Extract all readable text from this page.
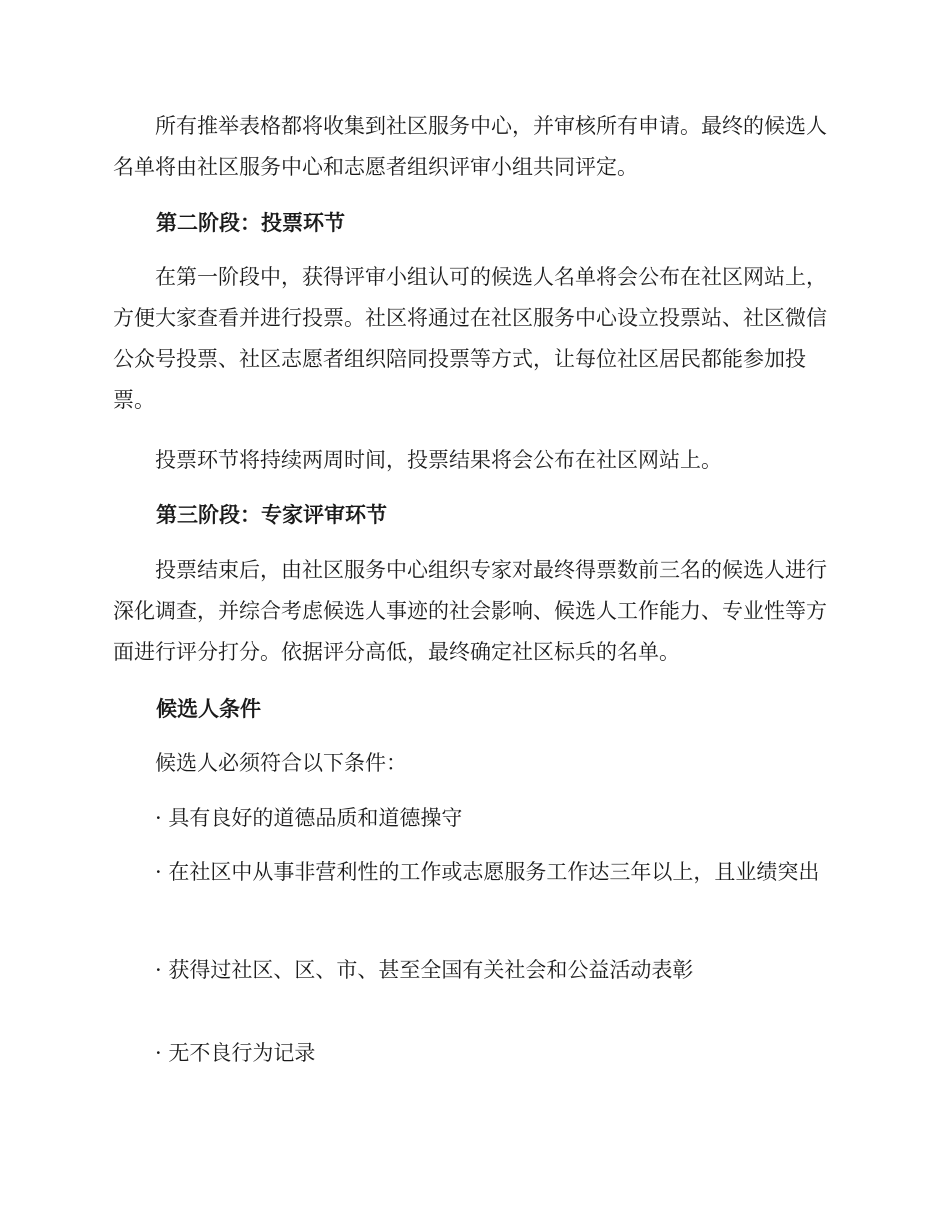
所有推举表格都将收集到社区服务中心，并审核所有申请。最终的候选人名单将由社区服务中心和志愿者组织评审小组共同评定。

第二阶段：投票环节

在第一阶段中，获得评审小组认可的候选人名单将会公布在社区网站上，方便大家查看并进行投票。社区将通过在社区服务中心设立投票站、社区微信公众号投票、社区志愿者组织陪同投票等方式，让每位社区居民都能参加投票。

投票环节将持续两周时间，投票结果将会公布在社区网站上。

第三阶段：专家评审环节

投票结束后，由社区服务中心组织专家对最终得票数前三名的候选人进行深化调查，并综合考虑候选人事迹的社会影响、候选人工作能力、专业性等方面进行评分打分。依据评分高低，最终确定社区标兵的名单。

候选人条件

候选人必须符合以下条件：

· 具有良好的道德品质和道德操守

· 在社区中从事非营利性的工作或志愿服务工作达三年以上，且业绩突出

· 获得过社区、区、市、甚至全国有关社会和公益活动表彰

· 无不良行为记录
